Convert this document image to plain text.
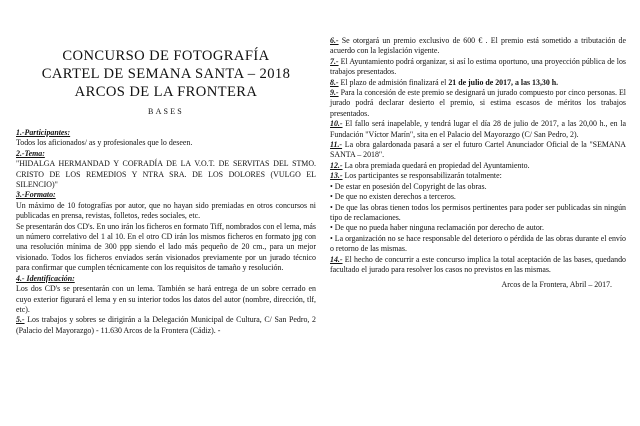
CONCURSO DE FOTOGRAFÍA
CARTEL DE SEMANA SANTA – 2018
ARCOS DE LA FRONTERA
BASES

1.-Participantes:

Todos los aficionados/ as y profesionales que lo deseen.

2.-Tema:

"HIDALGA HERMANDAD Y COFRADÍA DE LA V.O.T. DE SERVITAS DEL STMO. CRISTO DE LOS REMEDIOS Y NTRA SRA. DE LOS DOLORES (VULGO EL SILENCIO)"

3.-Formato:

Un máximo de 10 fotografías por autor, que no hayan sido premiadas en otros concursos ni publicadas en prensa, revistas, folletos, redes sociales, etc.

Se presentarán dos CD's. En uno irán los ficheros en formato Tiff, nombrados con el lema, más un número correlativo del 1 al 10. En el otro CD irán los mismos ficheros en formato jpg con una resolución mínima de 300 ppp siendo el lado más pequeño de 20 cm., para un mejor visionado. Todos los ficheros enviados serán visionados previamente por un jurado técnico para confirmar que cumplen técnicamente con los requisitos de tamaño y resolución.

4.- Identificación:

Los dos CD's se presentarán con un lema. También se hará entrega de un sobre cerrado en cuyo exterior figurará el lema y en su interior todos los datos del autor (nombre, dirección, tlf, etc).

5.- Los trabajos y sobres se dirigirán a la Delegación Municipal de Cultura, C/ San Pedro, 2 (Palacio del Mayorazgo) - 11.630 Arcos de la Frontera (Cádiz). -

6.- Se otorgará un premio exclusivo de 600 € . El premio está sometido a tributación de acuerdo con la legislación vigente.

7.- El Ayuntamiento podrá organizar, si así lo estima oportuno, una proyección pública de los trabajos presentados.

8.- El plazo de admisión finalizará el 21 de julio de 2017, a las 13,30 h.

9.- Para la concesión de este premio se designará un jurado compuesto por cinco personas. El jurado podrá declarar desierto el premio, si estima escasos de méritos los trabajos presentados.

10.- El fallo será inapelable, y tendrá lugar el día 28 de julio de 2017, a las 20,00 h., en la Fundación "Víctor Marín", sita en el Palacio del Mayorazgo (C/ San Pedro, 2).

11.- La obra galardonada pasará a ser el futuro Cartel Anunciador Oficial de la "SEMANA SANTA – 2018".

12.- La obra premiada quedará en propiedad del Ayuntamiento.

13.- Los participantes se responsabilizarán totalmente:

• De estar en posesión del Copyright de las obras.

• De que no existen derechos a terceros.

• De que las obras tienen todos los permisos pertinentes para poder ser publicadas sin ningún tipo de reclamaciones.

• De que no pueda haber ninguna reclamación por derecho de autor.

• La organización no se hace responsable del deterioro o pérdida de las obras durante el envío o retorno de las mismas.

14.- El hecho de concurrir a este concurso implica la total aceptación de las bases, quedando facultado el jurado para resolver los casos no previstos en las mismas.

Arcos de la Frontera, Abril – 2017.
